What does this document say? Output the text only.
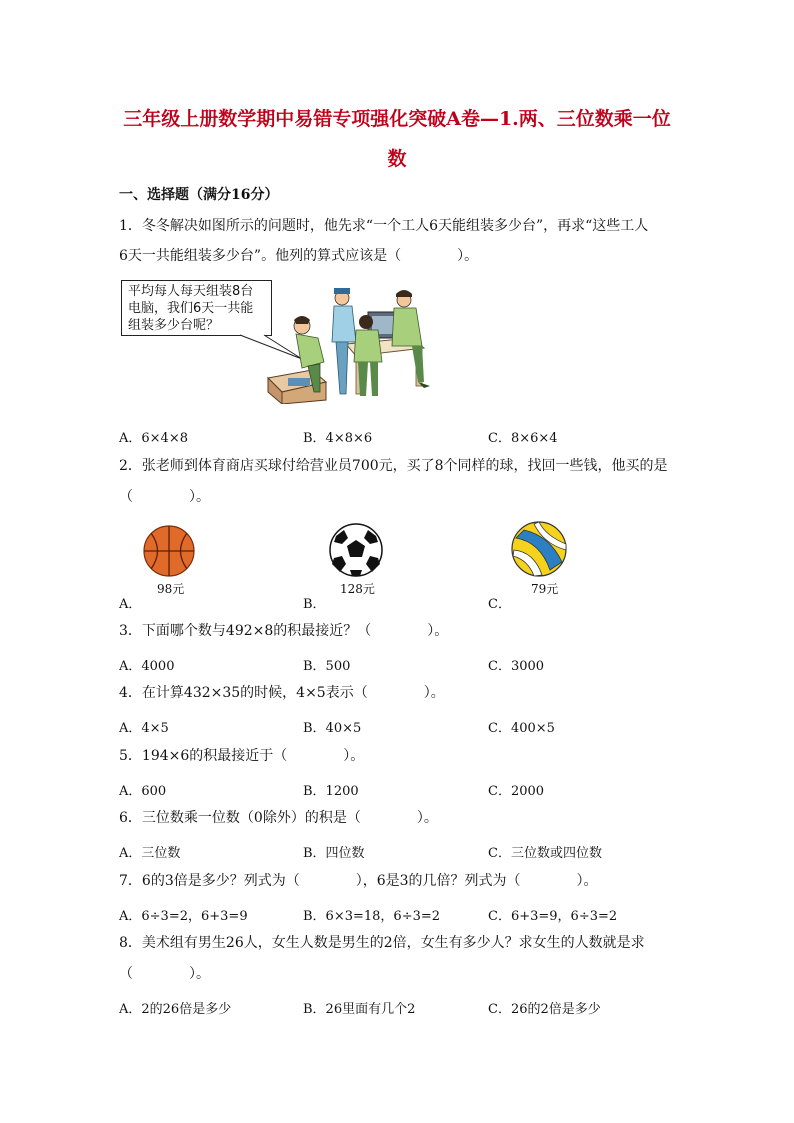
三年级上册数学期中易错专项强化突破A卷—1.两、三位数乘一位
数
一、选择题（满分16分）
1．冬冬解决如图所示的问题时，他先求“一个工人6天能组装多少台”，再求“这些工人
6天一共能组装多少台”。他列的算式应该是（　　　　）。
平均每人每天组装8台电脑，我们6天一共能组装多少台呢？
A．6×4×8	B．4×8×6	C．8×6×4
2．张老师到体育商店买球付给营业员700元，买了8个同样的球，找回一些钱，他买的是
（　　　　）。
98元	128元	79元
A．	B．	C．
3．下面哪个数与492×8的积最接近？（　　　　）。
A．4000	B．500	C．3000
4．在计算432×35的时候，4×5表示（　　　　）。
A．4×5	B．40×5	C．400×5
5．194×6的积最接近于（　　　　）。
A．600	B．1200	C．2000
6．三位数乘一位数（0除外）的积是（　　　　）。
A．三位数	B．四位数	C．三位数或四位数
7．6的3倍是多少？列式为（　　　　），6是3的几倍？列式为（　　　　）。
A．6÷3=2，6+3=9	B．6×3=18，6÷3=2	C．6+3=9，6÷3=2
8．美术组有男生26人，女生人数是男生的2倍，女生有多少人？求女生的人数就是求
（　　　　）。
A．2的26倍是多少	B．26里面有几个2	C．26的2倍是多少
